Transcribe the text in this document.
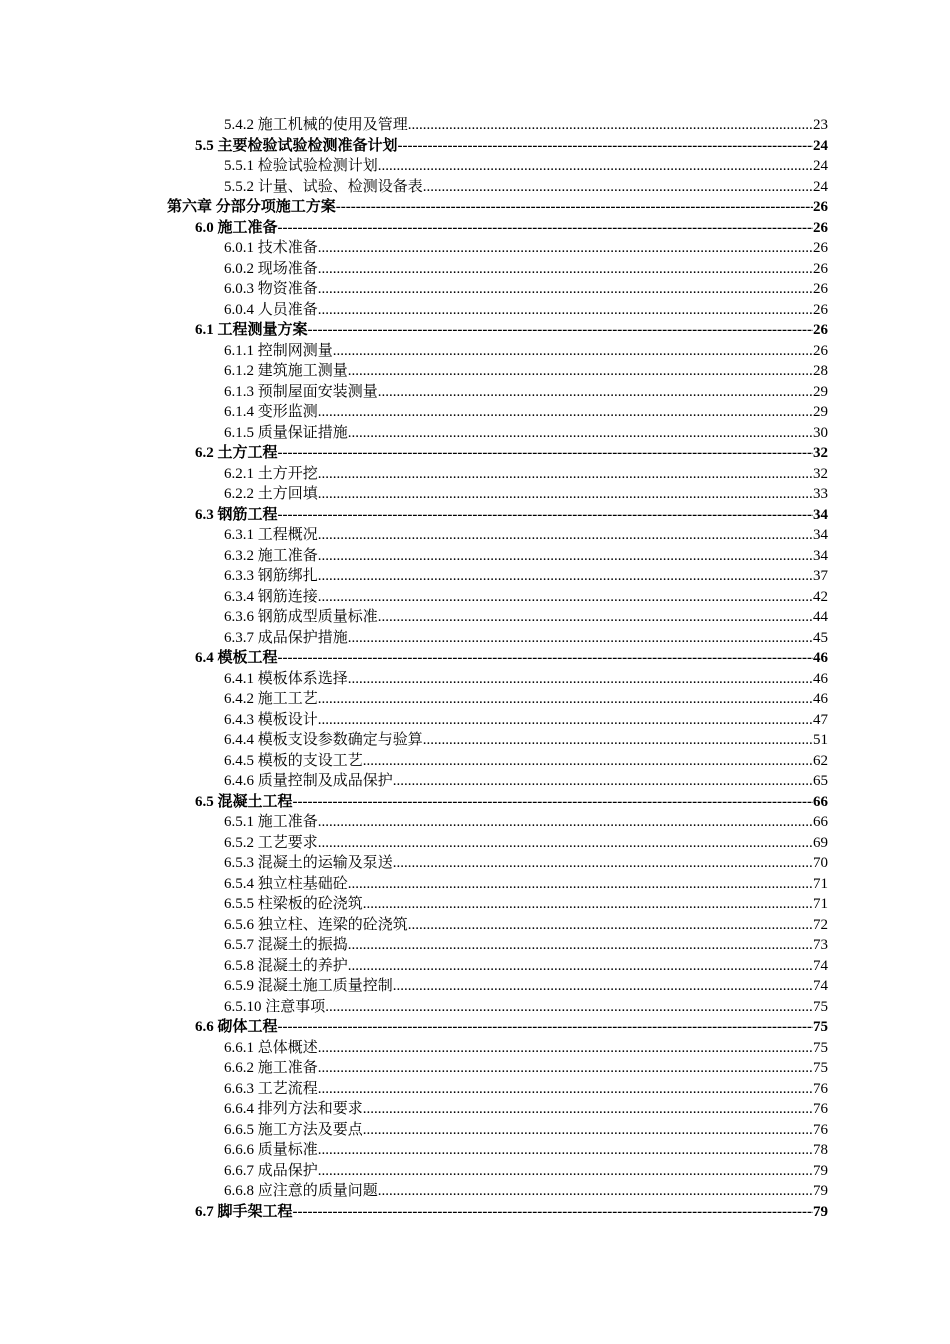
5.4.2 施工机械的使用及管理 .....	23
5.5 主要检验试验检测准备计划 -----	24
5.5.1 检验试验检测计划 .....	24
5.5.2 计量、试验、检测设备表 .....	24
第六章 分部分项施工方案 -----	26
6.0 施工准备 -----	26
6.0.1 技术准备 .....	26
6.0.2 现场准备 .....	26
6.0.3 物资准备 .....	26
6.0.4 人员准备 .....	26
6.1 工程测量方案 -----	26
6.1.1 控制网测量 .....	26
6.1.2 建筑施工测量 .....	28
6.1.3 预制屋面安装测量 .....	29
6.1.4 变形监测 .....	29
6.1.5 质量保证措施 .....	30
6.2 土方工程 -----	32
6.2.1 土方开挖 .....	32
6.2.2 土方回填 .....	33
6.3 钢筋工程 -----	34
6.3.1 工程概况 .....	34
6.3.2 施工准备 .....	34
6.3.3 钢筋绑扎 .....	37
6.3.4 钢筋连接 .....	42
6.3.6 钢筋成型质量标准 .....	44
6.3.7 成品保护措施 .....	45
6.4 模板工程 -----	46
6.4.1 模板体系选择 .....	46
6.4.2 施工工艺 .....	46
6.4.3 模板设计 .....	47
6.4.4 模板支设参数确定与验算 .....	51
6.4.5 模板的支设工艺 .....	62
6.4.6 质量控制及成品保护 .....	65
6.5 混凝土工程 -----	66
6.5.1 施工准备 .....	66
6.5.2 工艺要求 .....	69
6.5.3 混凝土的运输及泵送 .....	70
6.5.4 独立柱基础砼 .....	71
6.5.5 柱梁板的砼浇筑 .....	71
6.5.6 独立柱、连梁的砼浇筑 .....	72
6.5.7 混凝土的振捣 .....	73
6.5.8 混凝土的养护 .....	74
6.5.9 混凝土施工质量控制 .....	74
6.5.10 注意事项 .....	75
6.6 砌体工程 -----	75
6.6.1 总体概述 .....	75
6.6.2 施工准备 .....	75
6.6.3 工艺流程 .....	76
6.6.4 排列方法和要求 .....	76
6.6.5 施工方法及要点 .....	76
6.6.6 质量标准 .....	78
6.6.7 成品保护 .....	79
6.6.8 应注意的质量问题 .....	79
6.7 脚手架工程 -----	79
